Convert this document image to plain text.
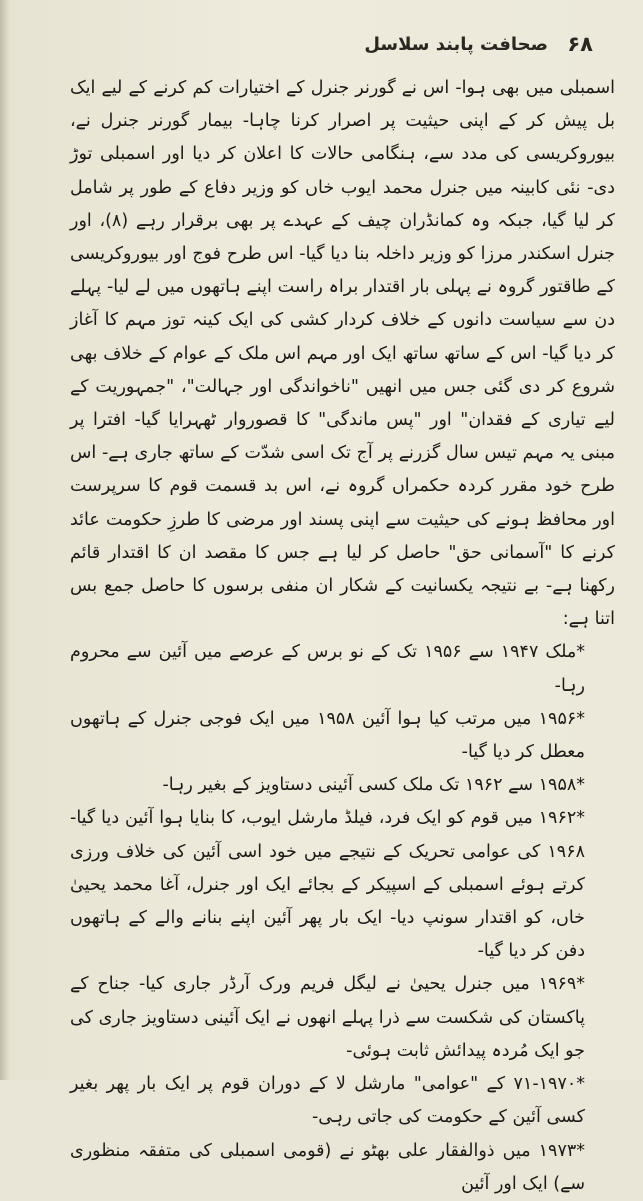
صحافت پابند سلاسل ۶۸

اسمبلی میں بھی ہوا- اس نے گورنر جنرل کے اختیارات کم کرنے کے لیے ایک بل پیش کر کے اپنی حیثیت پر اصرار کرنا چاہا- بیمار گورنر جنرل نے، بیوروکریسی کی مدد سے، ہنگامی حالات کا اعلان کر دیا اور اسمبلی توڑ دی- نئی کابینہ میں جنرل محمد ایوب خاں کو وزیر دفاع کے طور پر شامل کر لیا گیا، جبکہ وہ کمانڈران چیف کے عہدے پر بھی برقرار رہے (۸)، اور جنرل اسکندر مرزا کو وزیر داخلہ بنا دیا گیا- اس طرح فوج اور بیوروکریسی کے طاقتور گروہ نے پہلی بار اقتدار براہ راست اپنے ہاتھوں میں لے لیا- پہلے دن سے سیاست دانوں کے خلاف کردار کشی کی ایک کینہ توز مہم کا آغاز کر دیا گیا- اس کے ساتھ ساتھ ایک اور مہم اس ملک کے عوام کے خلاف بھی شروع کر دی گئی جس میں انھیں "ناخواندگی اور جہالت"، "جمہوریت کے لیے تیاری کے فقدان" اور "پس ماندگی" کا قصوروار ٹھہرایا گیا- افترا پر مبنی یہ مہم تیس سال گزرنے پر آج تک اسی شدّت کے ساتھ جاری ہے- اس طرح خود مقرر کردہ حکمراں گروہ نے، اس بد قسمت قوم کا سرپرست اور محافظ ہونے کی حیثیت سے اپنی پسند اور مرضی کا طرزِ حکومت عائد کرنے کا "آسمانی حق" حاصل کر لیا ہے جس کا مقصد ان کا اقتدار قائم رکھنا ہے- بے نتیجہ یکسانیت کے شکار ان منفی برسوں کا حاصل جمع بس اتنا ہے:

*ملک ۱۹۴۷ سے ۱۹۵۶ تک کے نو برس کے عرصے میں آئین سے محروم رہا-

*۱۹۵۶ میں مرتب کیا ہوا آئین ۱۹۵۸ میں ایک فوجی جنرل کے ہاتھوں معطل کر دیا گیا-

*۱۹۵۸ سے ۱۹۶۲ تک ملک کسی آئینی دستاویز کے بغیر رہا-

*۱۹۶۲ میں قوم کو ایک فرد، فیلڈ مارشل ایوب، کا بنایا ہوا آئین دیا گیا- ۱۹۶۸ کی عوامی تحریک کے نتیجے میں خود اسی آئین کی خلاف ورزی کرتے ہوئے اسمبلی کے اسپیکر کے بجائے ایک اور جنرل، آغا محمد یحییٰ خاں، کو اقتدار سونپ دیا- ایک بار پھر آئین اپنے بنانے والے کے ہاتھوں دفن کر دیا گیا-

*۱۹۶۹ میں جنرل یحییٰ نے لیگل فریم ورک آرڈر جاری کیا- جناح کے پاکستان کی شکست سے ذرا پہلے انھوں نے ایک آئینی دستاویز جاری کی جو ایک مُردہ پیدائش ثابت ہوئی-

*۷۱-۱۹۷۰ کے "عوامی" مارشل لا کے دوران قوم پر ایک بار پھر بغیر کسی آئین کے حکومت کی جاتی رہی-

*۱۹۷۳ میں ذوالفقار علی بھٹو نے (قومی اسمبلی کی متفقہ منظوری سے) ایک اور آئین
